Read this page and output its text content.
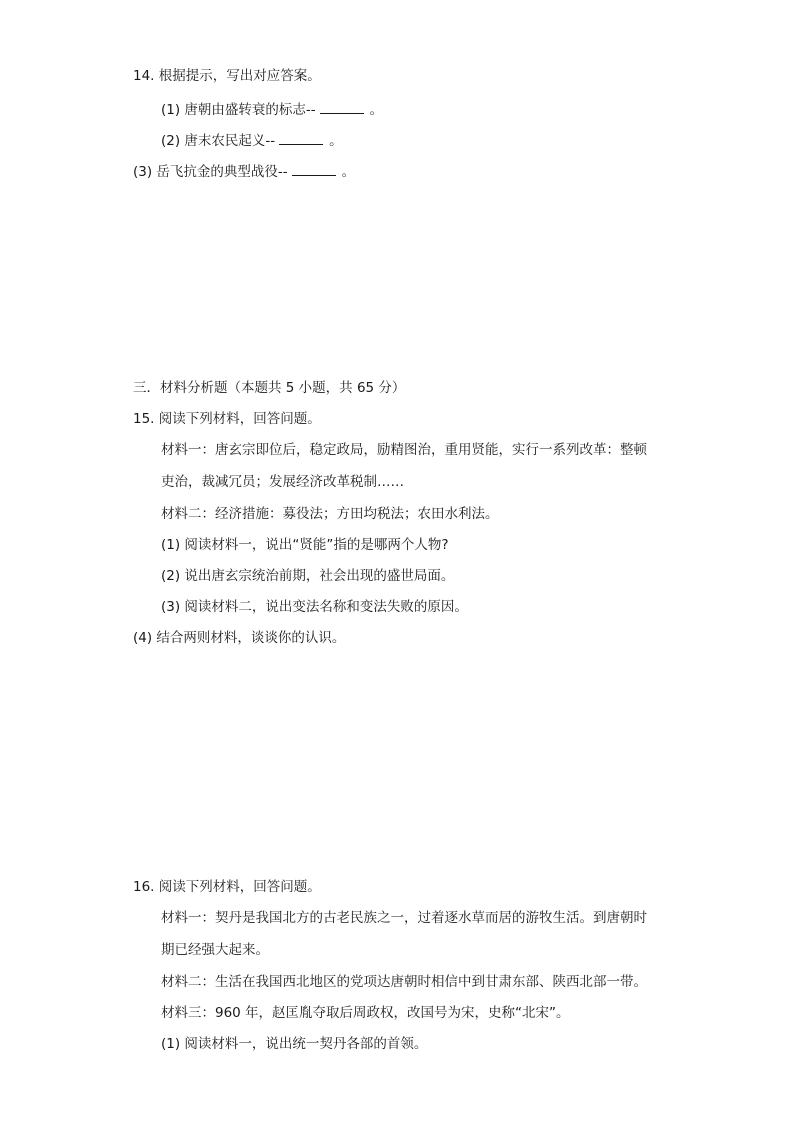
14. 根据提示，写出对应答案。
(1) 唐朝由盛转衰的标志--	。
(2) 唐末农民起义--	。
(3) 岳飞抗金的典型战役--	。
三．材料分析题（本题共 5 小题，共 65 分）
15. 阅读下列材料，回答问题。
材料一：唐玄宗即位后，稳定政局，励精图治，重用贤能，实行一系列改革：整顿
吏治，裁减冗员；发展经济改革税制……
材料二：经济措施：募役法；方田均税法；农田水利法。
(1) 阅读材料一，说出“贤能”指的是哪两个人物?
(2) 说出唐玄宗统治前期，社会出现的盛世局面。
(3) 阅读材料二，说出变法名称和变法失败的原因。
(4) 结合两则材料，谈谈你的认识。
16. 阅读下列材料，回答问题。
材料一：契丹是我国北方的古老民族之一，过着逐水草而居的游牧生活。到唐朝时
期已经强大起来。
材料二：生活在我国西北地区的党项达唐朝时相信中到甘肃东部、陕西北部一带。
材料三：960 年，赵匡胤夺取后周政权，改国号为宋，史称“北宋”。
(1) 阅读材料一，说出统一契丹各部的首领。
